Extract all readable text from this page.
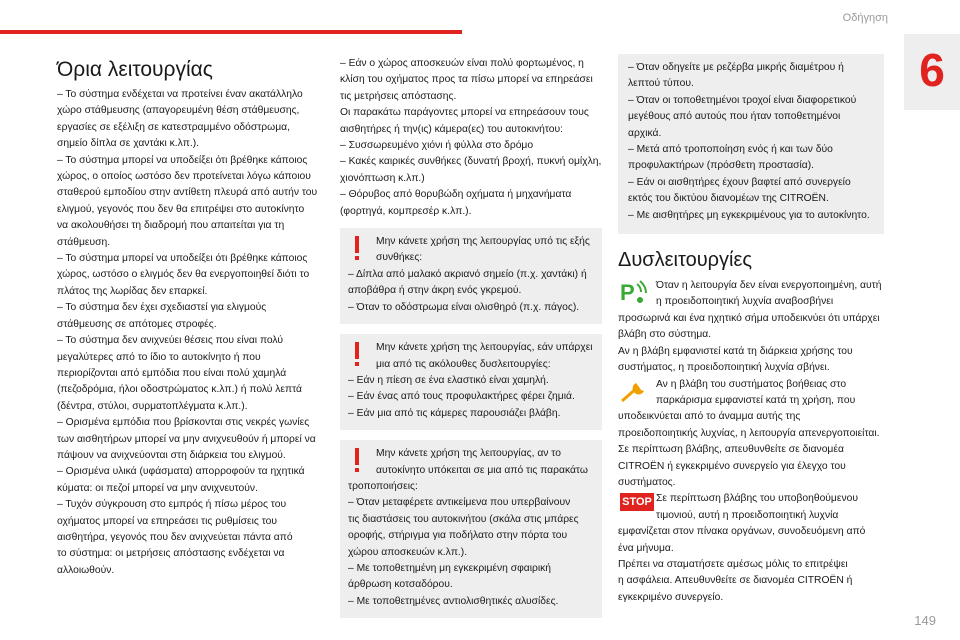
Οδήγηση
6
149
Όρια λειτουργίας

– Το σύστημα ενδέχεται να προτείνει έναν ακατάλληλο

χώρο στάθμευσης (απαγορευμένη θέση στάθμευσης,

εργασίες σε εξέλιξη σε κατεστραμμένο οδόστρωμα,

σημείο δίπλα σε χαντάκι κ.λπ.).

– Το σύστημα μπορεί να υποδείξει ότι βρέθηκε κάποιος

χώρος, ο οποίος ωστόσο δεν προτείνεται λόγω κάποιου

σταθερού εμποδίου στην αντίθετη πλευρά από αυτήν του

ελιγμού, γεγονός που δεν θα επιτρέψει στο αυτοκίνητο

να ακολουθήσει τη διαδρομή που απαιτείται για τη

στάθμευση.

– Το σύστημα μπορεί να υποδείξει ότι βρέθηκε κάποιος

χώρος, ωστόσο ο ελιγμός δεν θα ενεργοποιηθεί διότι το

πλάτος της λωρίδας δεν επαρκεί.

– Το σύστημα δεν έχει σχεδιαστεί για ελιγμούς

στάθμευσης σε απότομες στροφές.

– Το σύστημα δεν ανιχνεύει θέσεις που είναι πολύ

μεγαλύτερες από το ίδιο το αυτοκίνητο ή που

περιορίζονται από εμπόδια που είναι πολύ χαμηλά

(πεζοδρόμια, ήλοι οδοστρώματος κ.λπ.) ή πολύ λεπτά

(δέντρα, στύλοι, συρματοπλέγματα κ.λπ.).

– Ορισμένα εμπόδια που βρίσκονται στις νεκρές γωνίες

των αισθητήρων μπορεί να μην ανιχνευθούν ή μπορεί να

πάψουν να ανιχνεύονται στη διάρκεια του ελιγμού.

– Ορισμένα υλικά (υφάσματα) απορροφούν τα ηχητικά

κύματα: οι πεζοί μπορεί να μην ανιχνευτούν.

– Τυχόν σύγκρουση στο εμπρός ή πίσω μέρος του

οχήματος μπορεί να επηρεάσει τις ρυθμίσεις του

αισθητήρα, γεγονός που δεν ανιχνεύεται πάντα από

το σύστημα: οι μετρήσεις απόστασης ενδέχεται να

αλλοιωθούν.

– Εάν ο χώρος αποσκευών είναι πολύ φορτωμένος, η

κλίση του οχήματος προς τα πίσω μπορεί να επηρεάσει

τις μετρήσεις απόστασης.

Οι παρακάτω παράγοντες μπορεί να επηρεάσουν τους

αισθητήρες ή την(ις) κάμερα(ες) του αυτοκινήτου:

– Συσσωρευμένο χιόνι ή φύλλα στο δρόμο

– Κακές καιρικές συνθήκες (δυνατή βροχή, πυκνή ομίχλη,

χιονόπτωση κ.λπ.)

– Θόρυβος από θορυβώδη οχήματα ή μηχανήματα

(φορτηγά, κομπρεσέρ κ.λπ.).

Μην κάνετε χρήση της λειτουργίας υπό τις εξής

συνθήκες:

– Δίπλα από μαλακό ακριανό σημείο (π.χ. χαντάκι) ή

αποβάθρα ή στην άκρη ενός γκρεμού.

– Όταν το οδόστρωμα είναι ολισθηρό (π.χ. πάγος).

Μην κάνετε χρήση της λειτουργίας, εάν υπάρχει

μια από τις ακόλουθες δυσλειτουργίες:

– Εάν η πίεση σε ένα ελαστικό είναι χαμηλή.

– Εάν ένας από τους προφυλακτήρες φέρει ζημιά.

– Εάν μια από τις κάμερες παρουσιάζει βλάβη.

Μην κάνετε χρήση της λειτουργίας, αν το

αυτοκίνητο υπόκειται σε μια από τις παρακάτω

τροποποιήσεις:

– Όταν μεταφέρετε αντικείμενα που υπερβαίνουν

τις διαστάσεις του αυτοκινήτου (σκάλα στις μπάρες

οροφής, στήριγμα για ποδήλατο στην πόρτα του

χώρου αποσκευών κ.λπ.).

– Με τοποθετημένη μη εγκεκριμένη σφαιρική

άρθρωση κοτσαδόρου.

– Με τοποθετημένες αντιολισθητικές αλυσίδες.

– Όταν οδηγείτε με ρεζέρβα μικρής διαμέτρου ή

λεπτού τύπου.

– Όταν οι τοποθετημένοι τροχοί είναι διαφορετικού

μεγέθους από αυτούς που ήταν τοποθετημένοι

αρχικά.

– Μετά από τροποποίηση ενός ή και των δύο

προφυλακτήρων (πρόσθετη προστασία).

– Εάν οι αισθητήρες έχουν βαφτεί από συνεργείο

εκτός του δικτύου διανομέων της CITROËN.

– Με αισθητήρες μη εγκεκριμένους για το αυτοκίνητο.

Δυσλειτουργίες
P Όταν η λειτουργία δεν είναι ενεργοποιημένη, αυτή

η προειδοποιητική λυχνία αναβοσβήνει

προσωρινά και ένα ηχητικό σήμα υποδεικνύει ότι υπάρχει

βλάβη στο σύστημα.

Αν η βλάβη εμφανιστεί κατά τη διάρκεια χρήσης του

συστήματος, η προειδοποιητική λυχνία σβήνει.

Αν η βλάβη του συστήματος βοήθειας στο

παρκάρισμα εμφανιστεί κατά τη χρήση, που

υποδεικνύεται από το άναμμα αυτής της

προειδοποιητικής λυχνίας, η λειτουργία απενεργοποιείται.

Σε περίπτωση βλάβης, απευθυνθείτε σε διανομέα

CITROËN ή εγκεκριμένο συνεργείο για έλεγχο του

συστήματος.

STOP Σε περίπτωση βλάβης του υποβοηθούμενου

τιμονιού, αυτή η προειδοποιητική λυχνία

εμφανίζεται στον πίνακα οργάνων, συνοδευόμενη από

ένα μήνυμα.

Πρέπει να σταματήσετε αμέσως μόλις το επιτρέψει

η ασφάλεια. Απευθυνθείτε σε διανομέα CITROËN ή

εγκεκριμένο συνεργείο.
